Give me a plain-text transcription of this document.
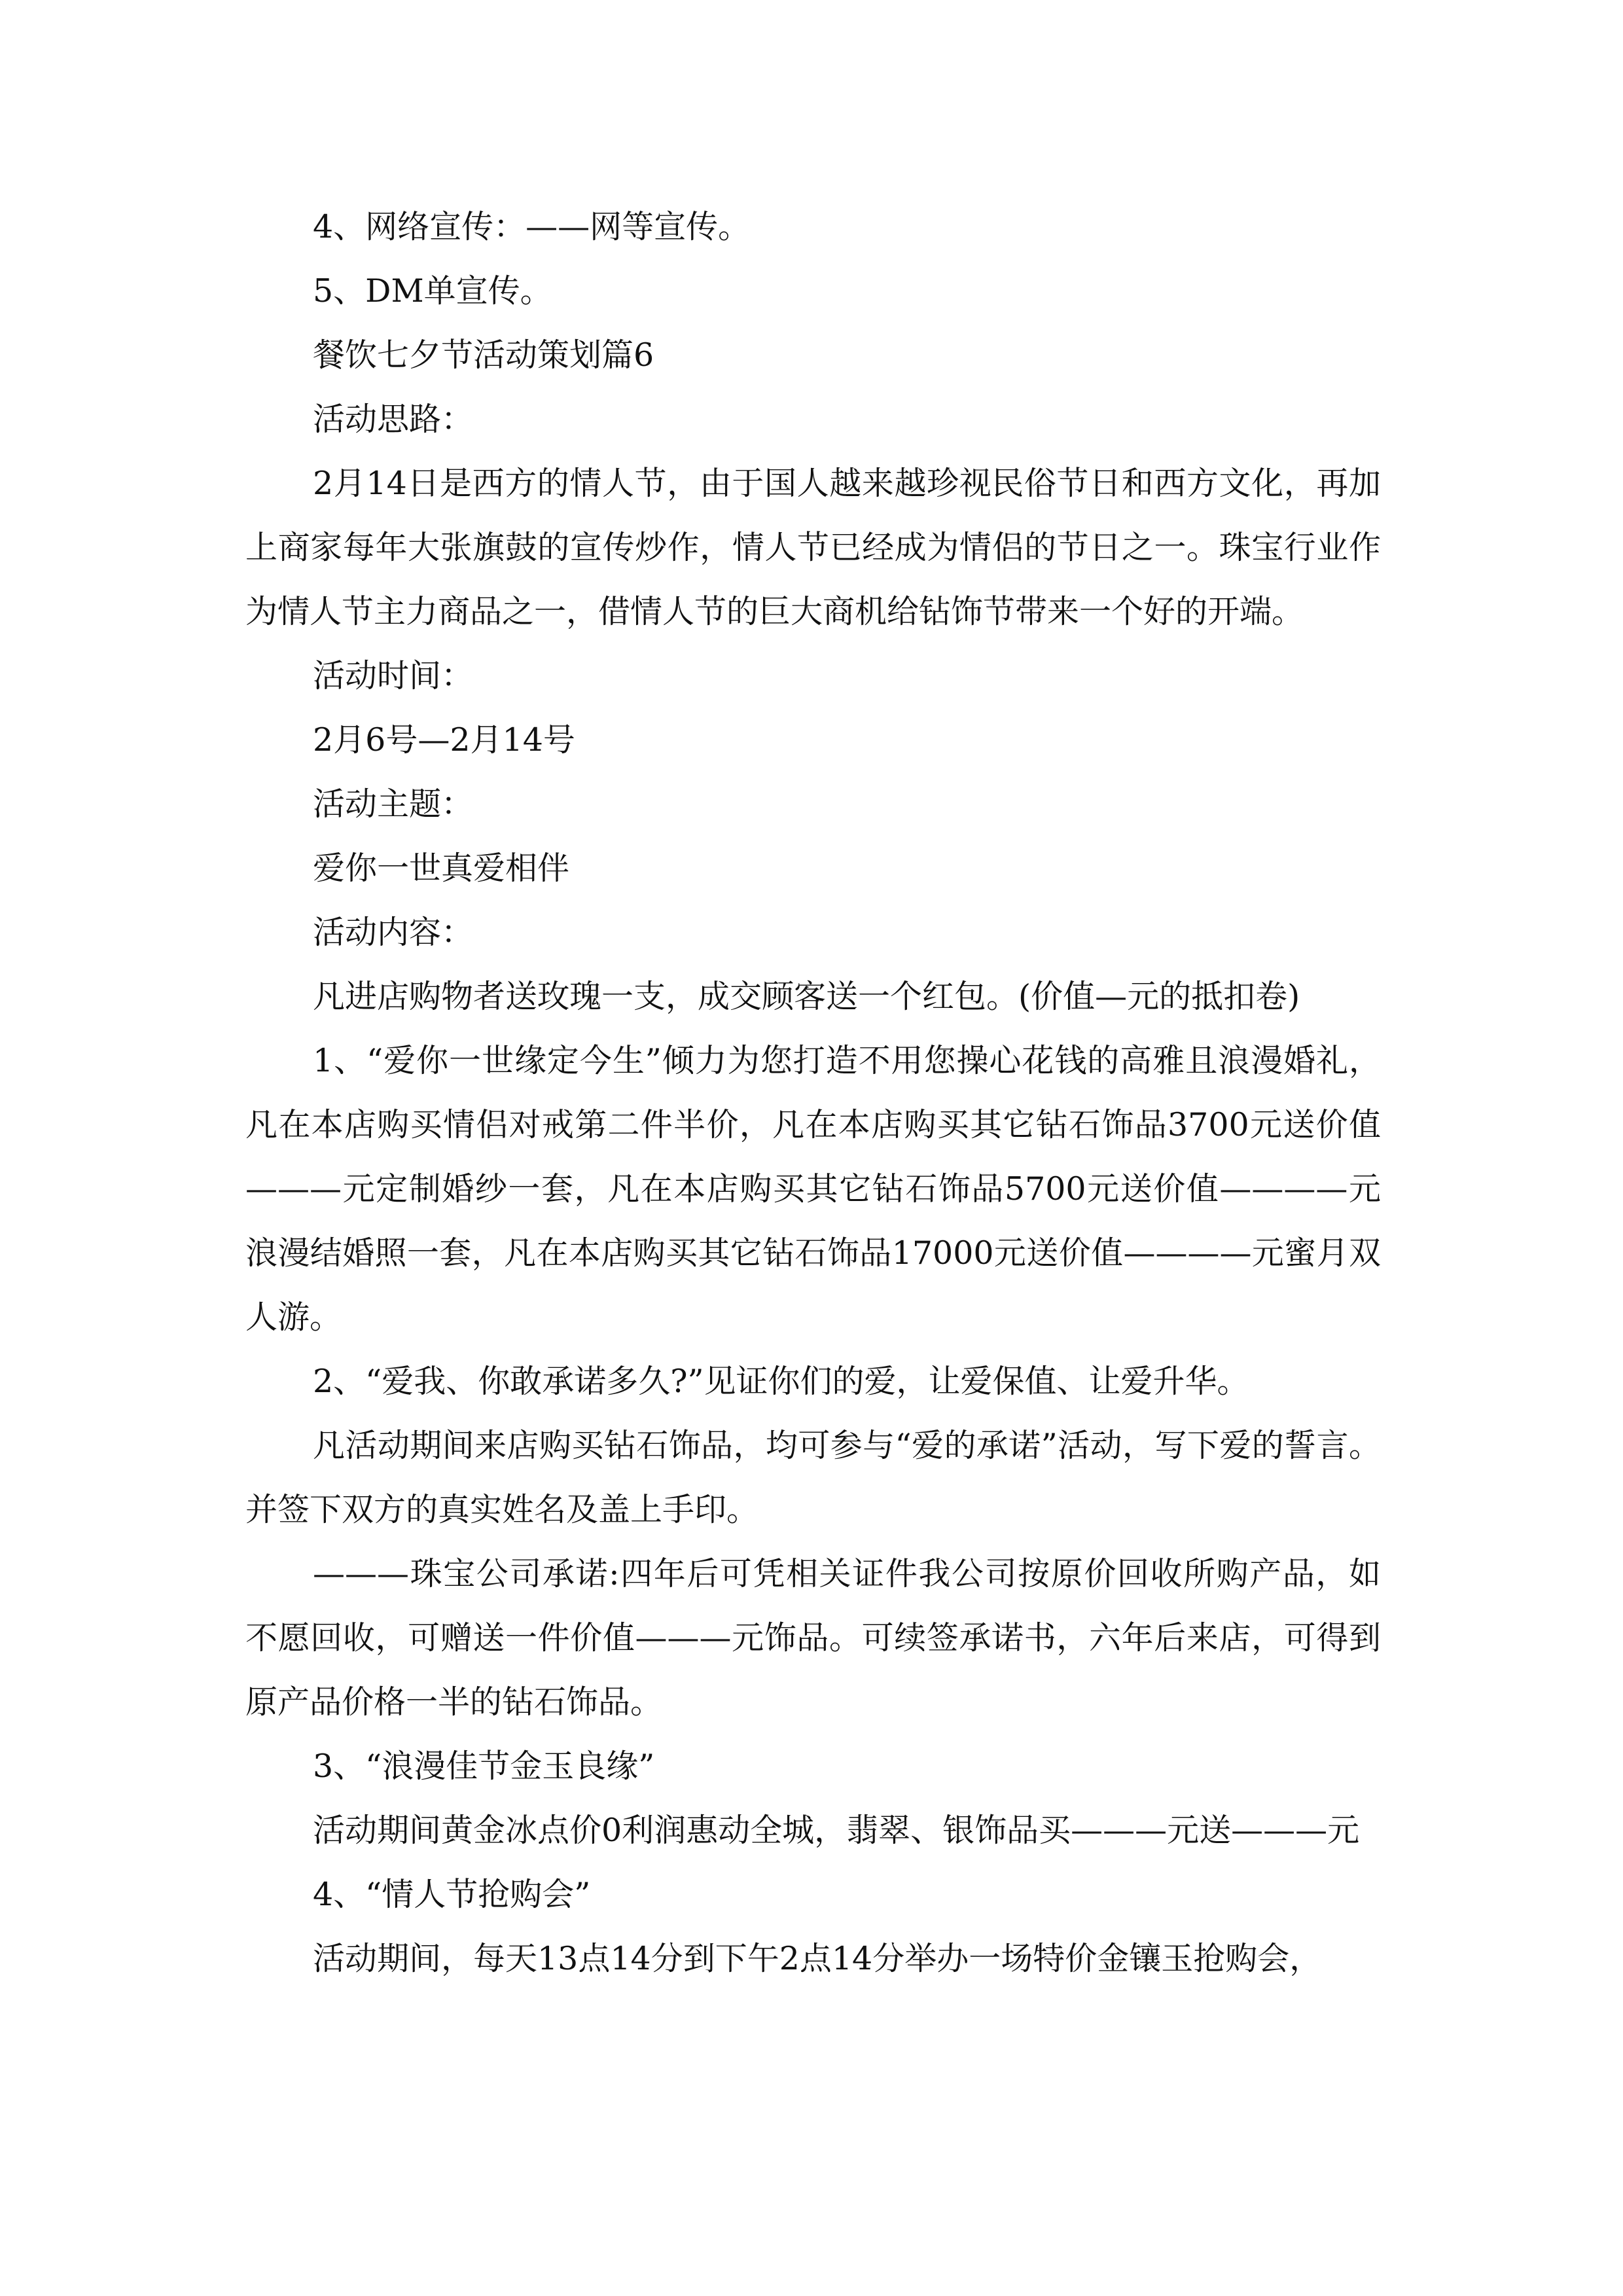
4、网络宣传：——网等宣传。

5、DM单宣传。

餐饮七夕节活动策划篇6

活动思路：

2月14日是西方的情人节，由于国人越来越珍视民俗节日和西方文化，再加上商家每年大张旗鼓的宣传炒作，情人节已经成为情侣的节日之一。珠宝行业作为情人节主力商品之一，借情人节的巨大商机给钻饰节带来一个好的开端。

活动时间：

2月6号—2月14号

活动主题：

爱你一世真爱相伴

活动内容：

凡进店购物者送玫瑰一支，成交顾客送一个红包。(价值—元的抵扣卷)

1、“爱你一世缘定今生”倾力为您打造不用您操心花钱的高雅且浪漫婚礼，凡在本店购买情侣对戒第二件半价，凡在本店购买其它钻石饰品3700元送价值———元定制婚纱一套，凡在本店购买其它钻石饰品5700元送价值————元浪漫结婚照一套，凡在本店购买其它钻石饰品17000元送价值————元蜜月双人游。

2、“爱我、你敢承诺多久?”见证你们的爱，让爱保值、让爱升华。

凡活动期间来店购买钻石饰品，均可参与“爱的承诺”活动，写下爱的誓言。并签下双方的真实姓名及盖上手印。

———珠宝公司承诺:四年后可凭相关证件我公司按原价回收所购产品，如不愿回收，可赠送一件价值———元饰品。可续签承诺书，六年后来店，可得到原产品价格一半的钻石饰品。

3、“浪漫佳节金玉良缘”

活动期间黄金冰点价0利润惠动全城，翡翠、银饰品买———元送———元

4、“情人节抢购会”

活动期间，每天13点14分到下午2点14分举办一场特价金镶玉抢购会，
